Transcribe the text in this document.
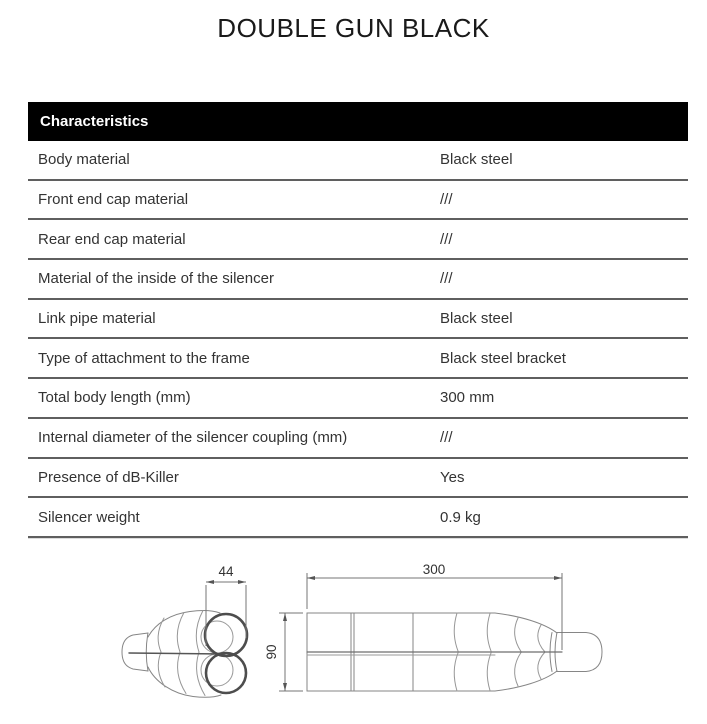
DOUBLE GUN BLACK
Characteristics
Body material	Black steel
Front end cap material	///
Rear end cap material	///
Material of the inside of the silencer	///
Link pipe material	Black steel
Type of attachment to the frame	Black steel bracket
Total body length (mm)	300 mm
Internal diameter of the silencer coupling (mm)	///
Presence of dB-Killer	Yes
Silencer weight	0.9 kg
44	300
90
